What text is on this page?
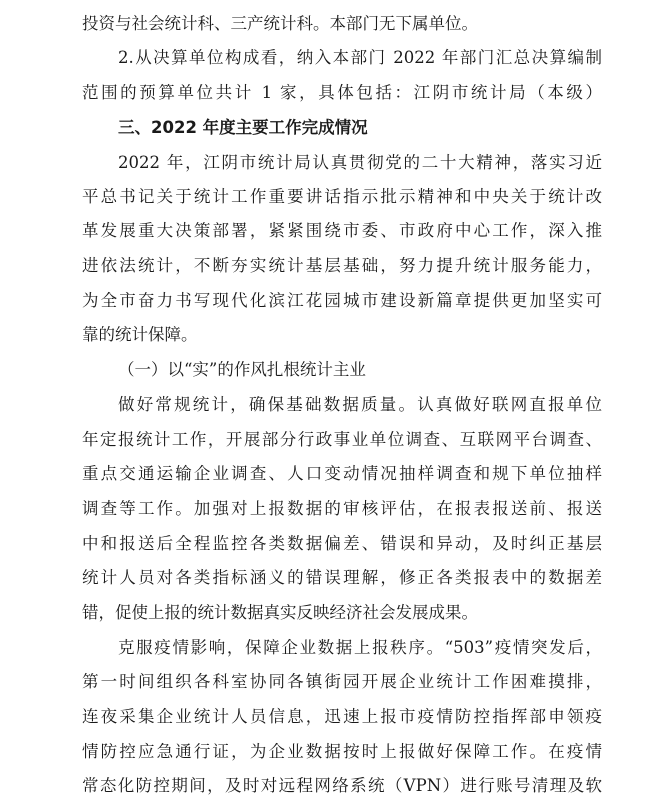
投资与社会统计科、三产统计科。本部门无下属单位。
2.从决算单位构成看，纳入本部门 2022 年部门汇总决算编制
范围的预算单位共计 1 家，具体包括：江阴市统计局（本级）
三、2022 年度主要工作完成情况
2022 年，江阴市统计局认真贯彻党的二十大精神，落实习近
平总书记关于统计工作重要讲话指示批示精神和中央关于统计改
革发展重大决策部署，紧紧围绕市委、市政府中心工作，深入推
进依法统计，不断夯实统计基层基础，努力提升统计服务能力，
为全市奋力书写现代化滨江花园城市建设新篇章提供更加坚实可
靠的统计保障。
（一）以“实”的作风扎根统计主业
做好常规统计，确保基础数据质量。认真做好联网直报单位
年定报统计工作，开展部分行政事业单位调查、互联网平台调查、
重点交通运输企业调查、人口变动情况抽样调查和规下单位抽样
调查等工作。加强对上报数据的审核评估，在报表报送前、报送
中和报送后全程监控各类数据偏差、错误和异动，及时纠正基层
统计人员对各类指标涵义的错误理解，修正各类报表中的数据差
错，促使上报的统计数据真实反映经济社会发展成果。
克服疫情影响，保障企业数据上报秩序。“503”疫情突发后，
第一时间组织各科室协同各镇街园开展企业统计工作困难摸排，
连夜采集企业统计人员信息，迅速上报市疫情防控指挥部申领疫
情防控应急通行证，为企业数据按时上报做好保障工作。在疫情
常态化防控期间，及时对远程网络系统（VPN）进行账号清理及软
